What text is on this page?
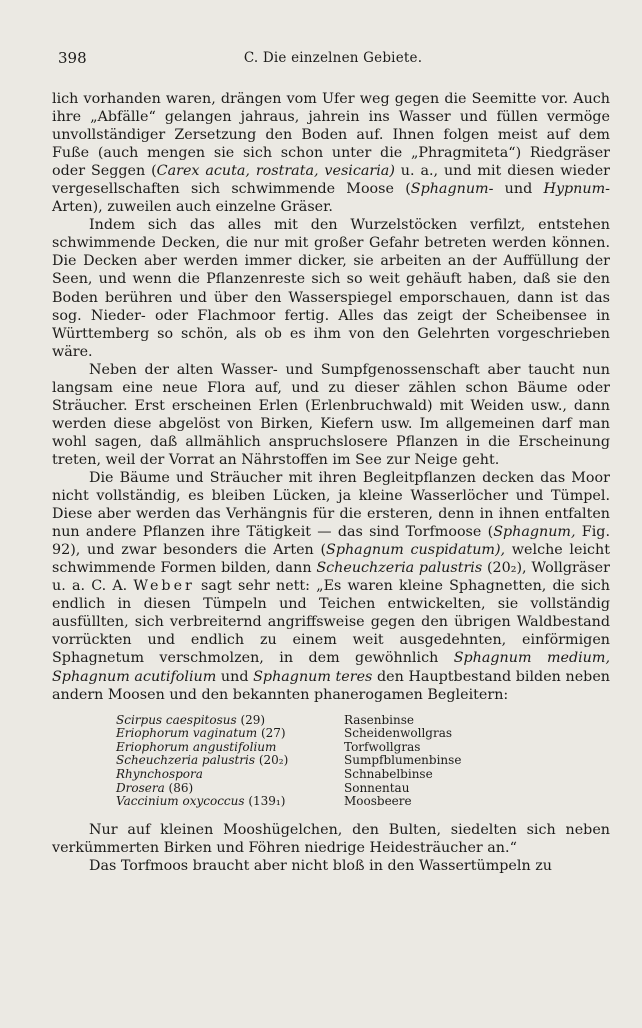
398	C. Die einzelnen Gebiete.

lich vorhanden waren, drängen vom Ufer weg gegen die Seemitte vor. Auch ihre „Abfälle“ gelangen jahraus, jahrein ins Wasser und füllen vermöge unvollständiger Zersetzung den Boden auf. Ihnen folgen meist auf dem Fuße (auch mengen sie sich schon unter die „Phragmiteta“) Riedgräser oder Seggen (Carex acuta, rostrata, vesicaria) u. a., und mit diesen wieder vergesellschaften sich schwimmende Moose (Sphagnum- und Hypnum-Arten), zuweilen auch einzelne Gräser.

Indem sich das alles mit den Wurzelstöcken verfilzt, entstehen schwimmende Decken, die nur mit großer Gefahr betreten werden können. Die Decken aber werden immer dicker, sie arbeiten an der Auffüllung der Seen, und wenn die Pflanzenreste sich so weit gehäuft haben, daß sie den Boden berühren und über den Wasserspiegel emporschauen, dann ist das sog. Nieder- oder Flachmoor fertig. Alles das zeigt der Scheibensee in Württemberg so schön, als ob es ihm von den Gelehrten vorgeschrieben wäre.

Neben der alten Wasser- und Sumpfgenossenschaft aber taucht nun langsam eine neue Flora auf, und zu dieser zählen schon Bäume oder Sträucher. Erst erscheinen Erlen (Erlenbruchwald) mit Weiden usw., dann werden diese abgelöst von Birken, Kiefern usw. Im allgemeinen darf man wohl sagen, daß allmählich anspruchslosere Pflanzen in die Erscheinung treten, weil der Vorrat an Nährstoffen im See zur Neige geht.

Die Bäume und Sträucher mit ihren Begleitpflanzen decken das Moor nicht vollständig, es bleiben Lücken, ja kleine Wasserlöcher und Tümpel. Diese aber werden das Verhängnis für die ersteren, denn in ihnen entfalten nun andere Pflanzen ihre Tätigkeit — das sind Torfmoose (Sphagnum, Fig. 92), und zwar besonders die Arten (Sphagnum cuspidatum), welche leicht schwimmende Formen bilden, dann Scheuchzeria palustris (20₂), Wollgräser u. a. C. A. Weber sagt sehr nett: „Es waren kleine Sphagnetten, die sich endlich in diesen Tümpeln und Teichen entwickelten, sie vollständig ausfüllten, sich verbreiternd angriffsweise gegen den übrigen Waldbestand vorrückten und endlich zu einem weit ausgedehnten, einförmigen Sphagnetum verschmolzen, in dem gewöhnlich Sphagnum medium, Sphagnum acutifolium und Sphagnum teres den Hauptbestand bilden neben andern Moosen und den bekannten phanerogamen Begleitern:

Scirpus caespitosus (29)	Rasenbinse
Eriophorum vaginatum (27)	Scheidenwollgras
Eriophorum angustifolium	Torfwollgras
Scheuchzeria palustris (20₂)	Sumpfblumenbinse
Rhynchospora	Schnabelbinse
Drosera (86)	Sonnentau
Vaccinium oxycoccus (139₁)	Moosbeere

Nur auf kleinen Mooshügelchen, den Bulten, siedelten sich neben verkümmerten Birken und Föhren niedrige Heidesträucher an.“

Das Torfmoos braucht aber nicht bloß in den Wassertümpeln zu
